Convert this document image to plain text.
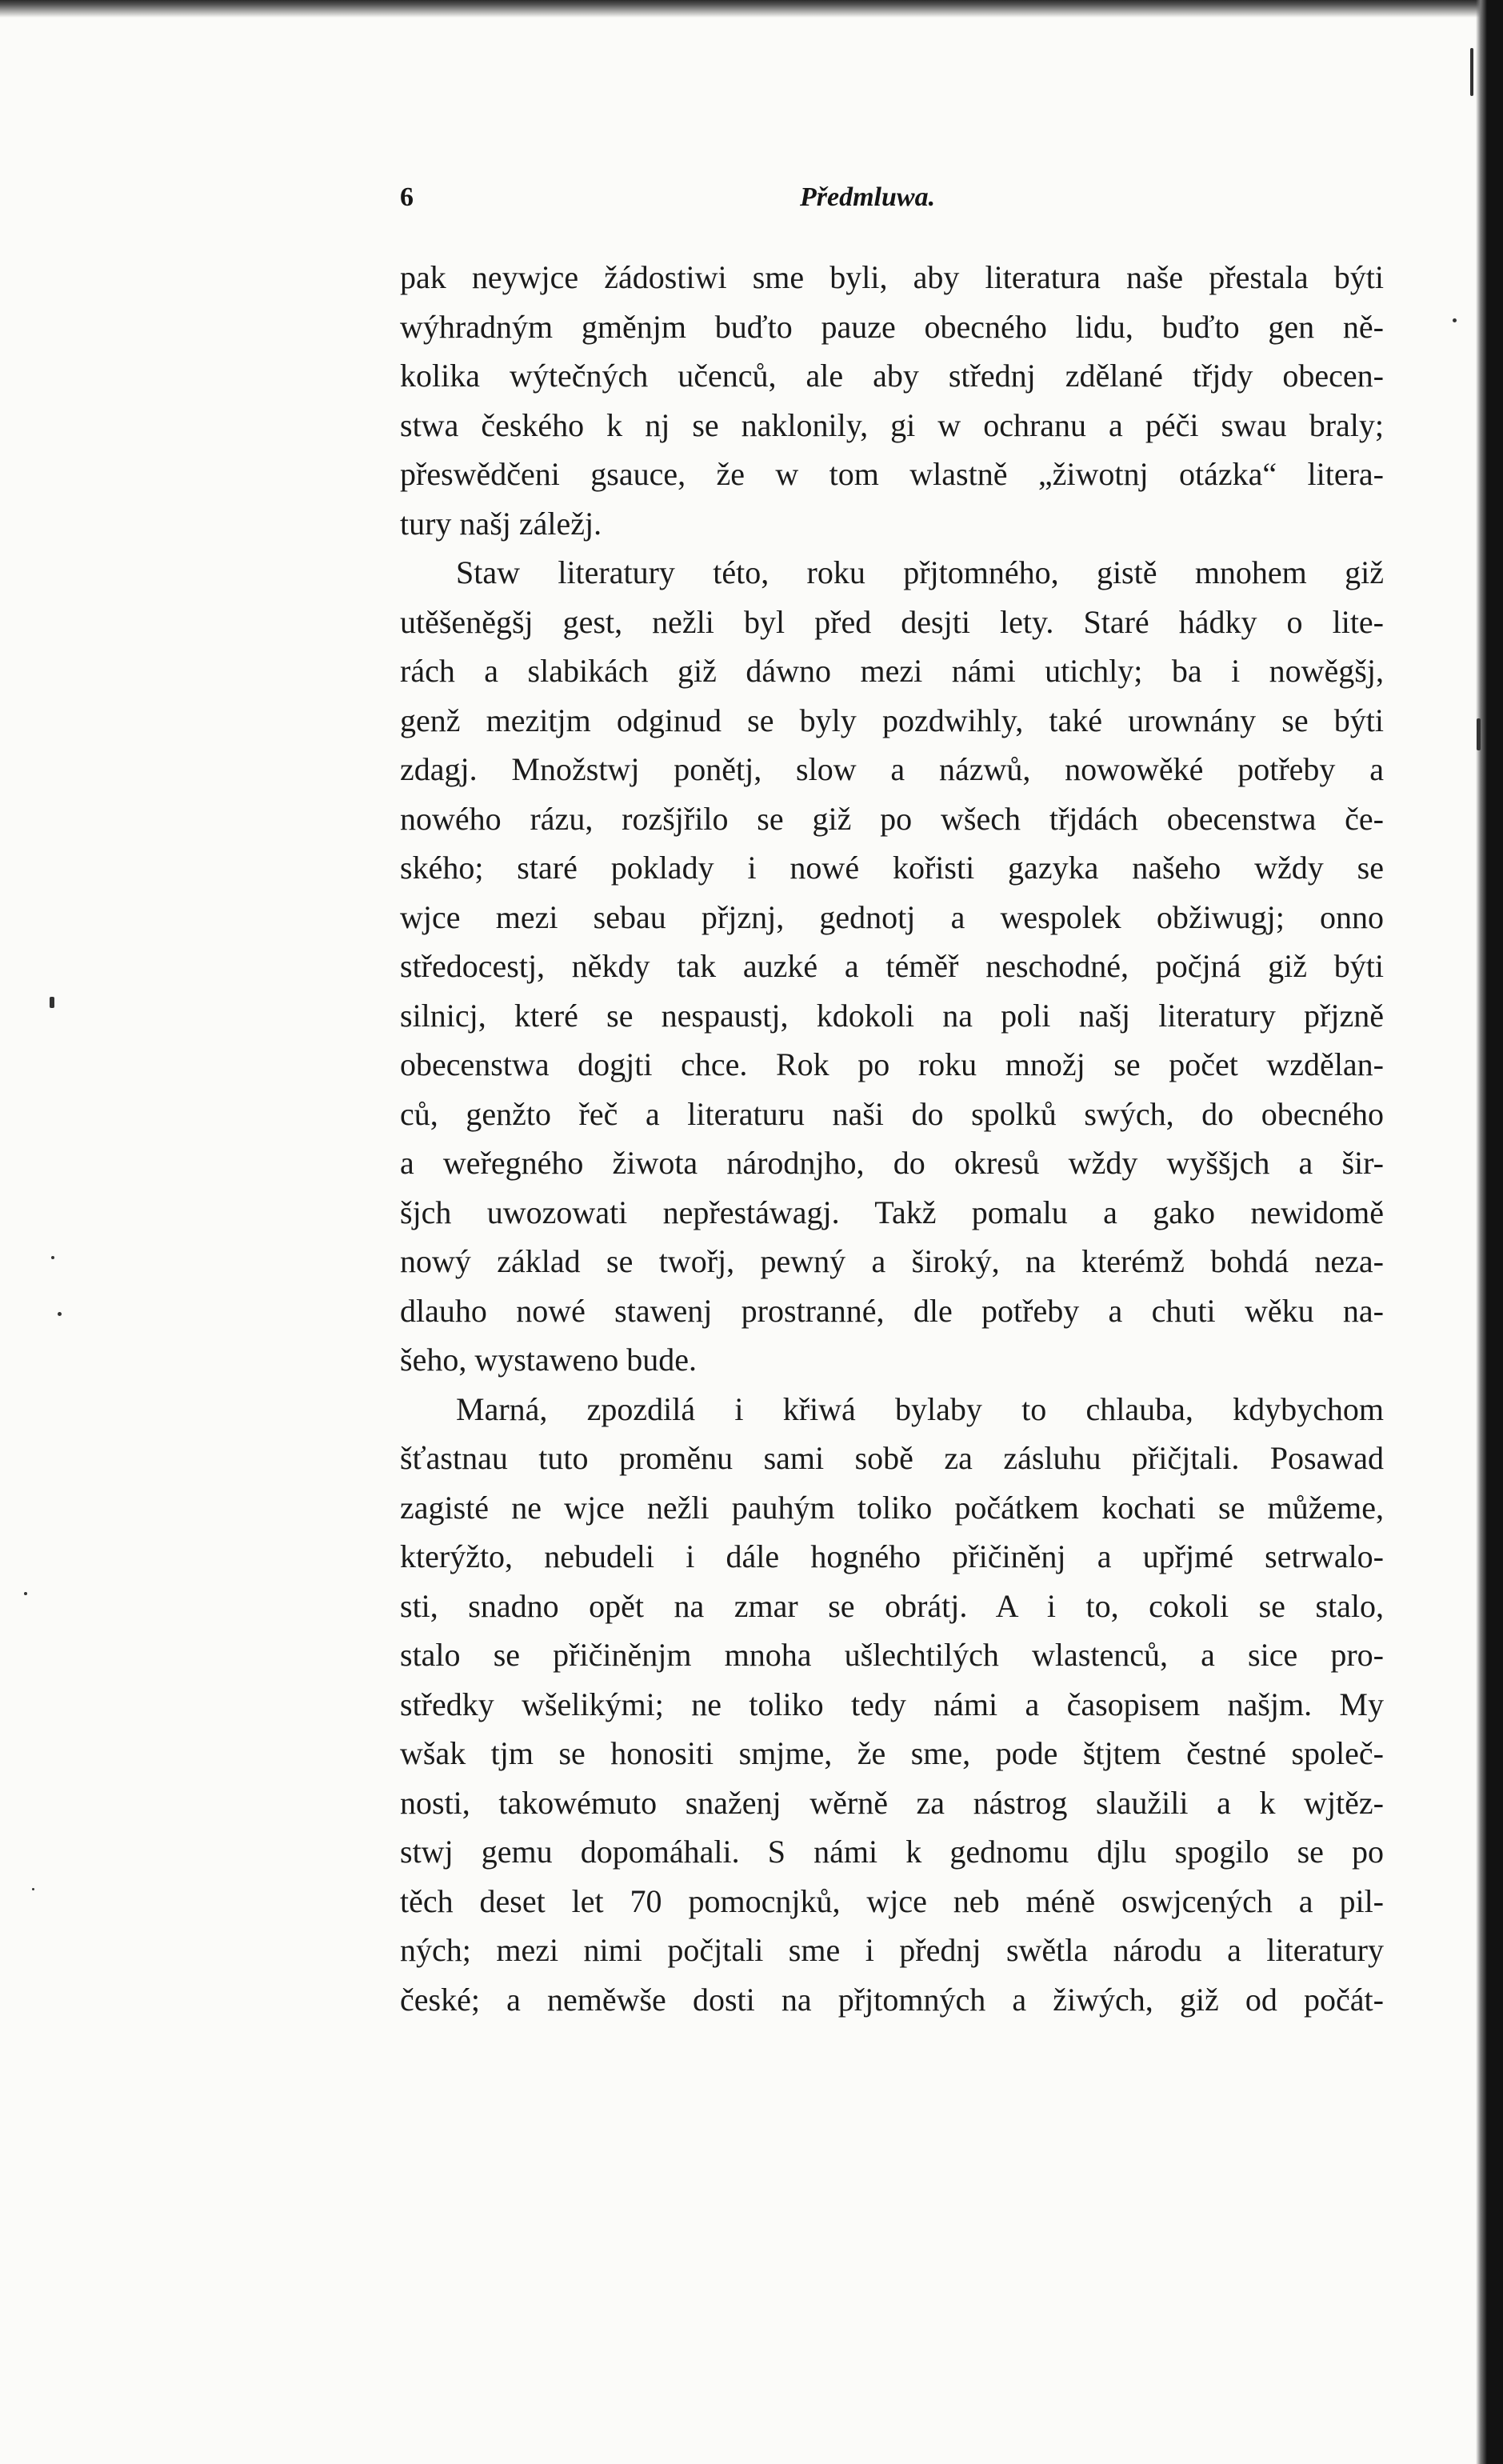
6	Předmluwa.
pak neywjce žádostiwi sme byli, aby literatura naše přestala býti
wýhradným gměnjm buďto pauze obecného lidu, buďto gen ně-
kolika wýtečných učenců, ale aby střednj zdělané třjdy obecen-
stwa českého k nj se naklonily, gi w ochranu a péči swau braly;
přeswědčeni gsauce, že w tom wlastně „žiwotnj otázka“ litera-
tury našj záležj.
Staw literatury této, roku přjtomného, gistě mnohem giž
utěšeněgšj gest, nežli byl před desjti lety. Staré hádky o lite-
rách a slabikách giž dáwno mezi námi utichly; ba i nowěgšj,
genž mezitjm odginud se byly pozdwihly, také urownány se býti
zdagj. Množstwj ponětj, slow a názwů, nowowěké potřeby a
nowého rázu, rozšjřilo se giž po wšech třjdách obecenstwa če-
ského; staré poklady i nowé kořisti gazyka našeho wždy se
wjce mezi sebau přjznj, gednotj a wespolek obžiwugj; onno
středocestj, někdy tak auzké a téměř neschodné, počjná giž býti
silnicj, které se nespaustj, kdokoli na poli našj literatury přjzně
obecenstwa dogjti chce. Rok po roku množj se počet wzdělan-
ců, genžto řeč a literaturu naši do spolků swých, do obecného
a weřegného žiwota národnjho, do okresů wždy wyššjch a šir-
šjch uwozowati nepřestáwagj. Takž pomalu a gako newidomě
nowý základ se twořj, pewný a široký, na kterémž bohdá neza-
dlauho nowé stawenj prostranné, dle potřeby a chuti wěku na-
šeho, wystaweno bude.
Marná, zpozdilá i křiwá bylaby to chlauba, kdybychom
šťastnau tuto proměnu sami sobě za zásluhu přičjtali. Posawad
zagisté ne wjce nežli pauhým toliko počátkem kochati se můžeme,
kterýžto, nebudeli i dále hogného přičiněnj a upřjmé setrwalo-
sti, snadno opět na zmar se obrátj. A i to, cokoli se stalo,
stalo se přičiněnjm mnoha ušlechtilých wlastenců, a sice pro-
středky wšelikými; ne toliko tedy námi a časopisem našjm. My
wšak tjm se honositi smjme, že sme, pode štjtem čestné společ-
nosti, takowémuto snaženj wěrně za nástrog slaužili a k wjtěz-
stwj gemu dopomáhali. S námi k gednomu djlu spogilo se po
těch deset let 70 pomocnjků, wjce neb méně oswjcených a pil-
ných; mezi nimi počjtali sme i přednj swětla národu a literatury
české; a neměwše dosti na přjtomných a žiwých, giž od počát-
